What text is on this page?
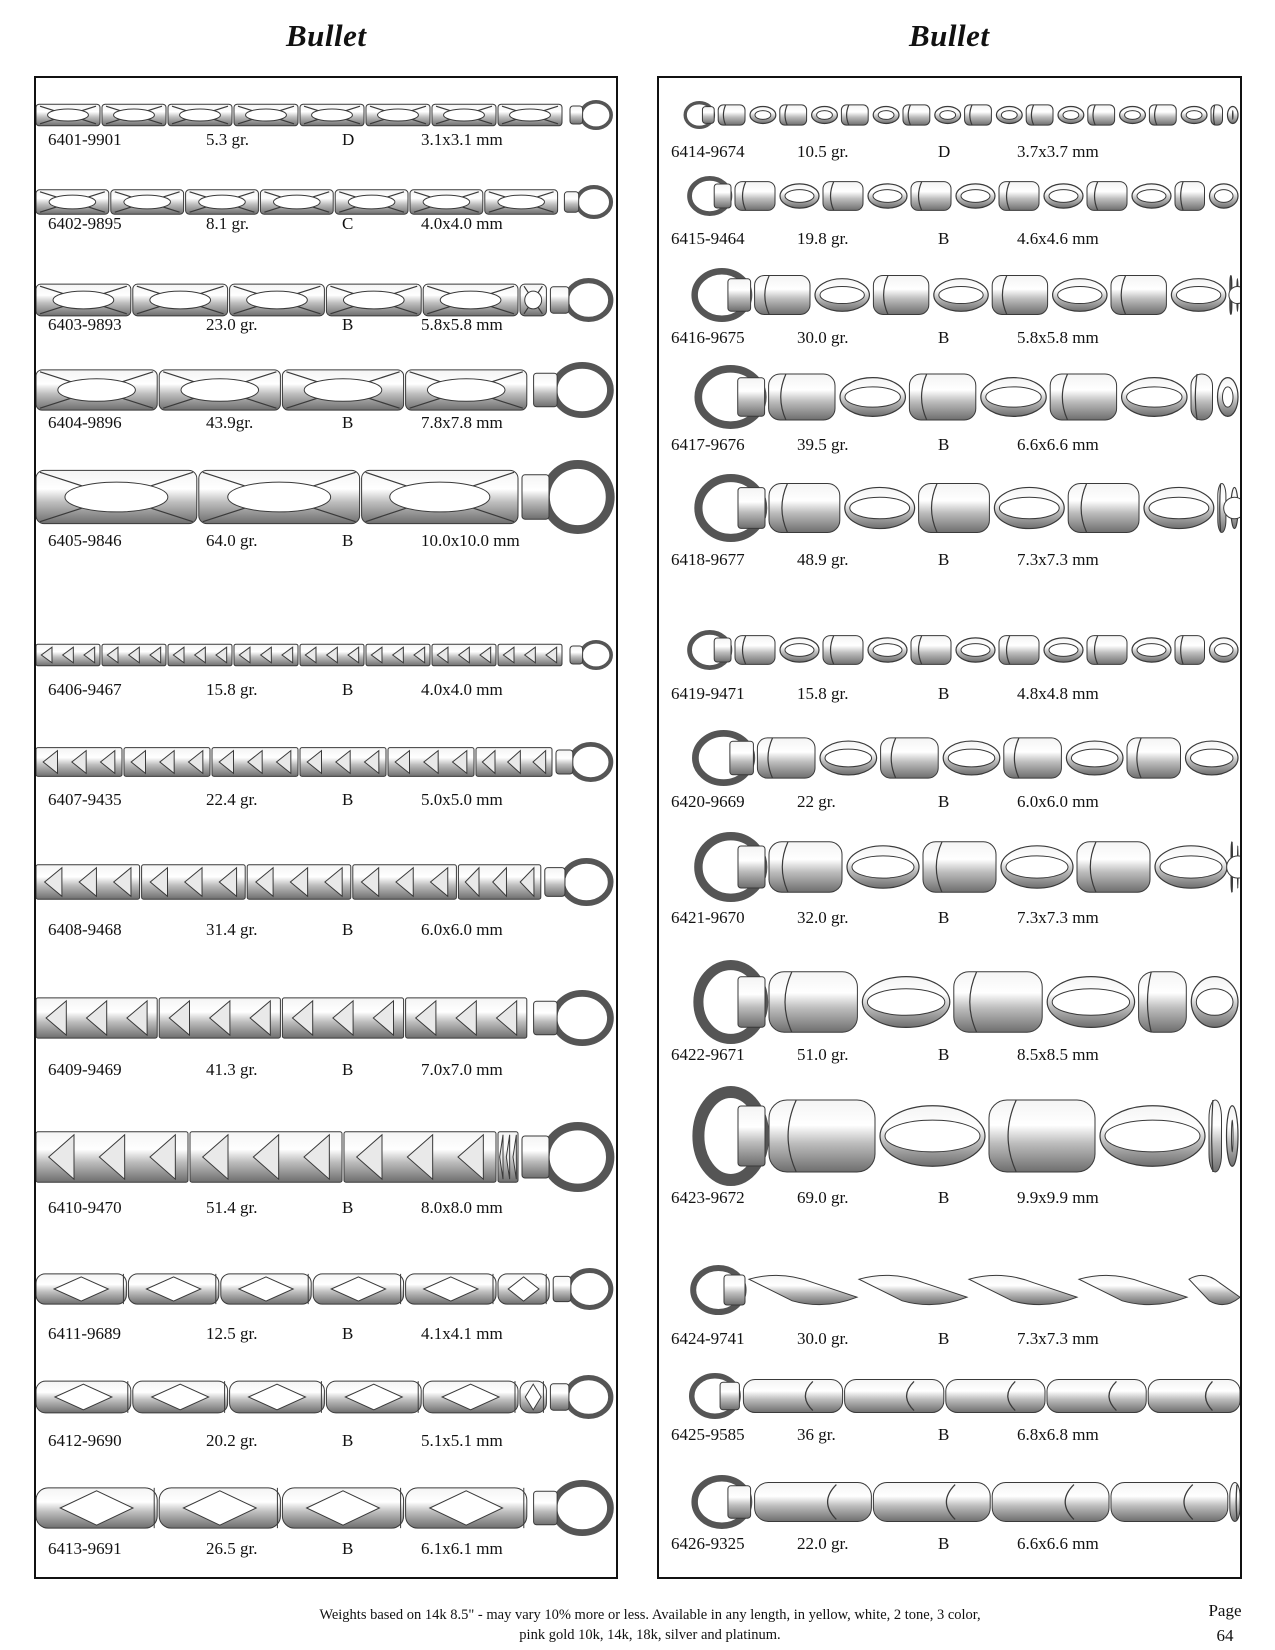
Bullet	Bullet
6401-9901	5.3 gr.	D	3.1x3.1 mm
6402-9895	8.1 gr.	C	4.0x4.0 mm
6403-9893	23.0 gr.	B	5.8x5.8 mm
6404-9896	43.9gr.	B	7.8x7.8 mm
6405-9846	64.0 gr.	B	10.0x10.0 mm
6406-9467	15.8 gr.	B	4.0x4.0 mm
6407-9435	22.4 gr.	B	5.0x5.0 mm
6408-9468	31.4 gr.	B	6.0x6.0 mm
6409-9469	41.3 gr.	B	7.0x7.0 mm
6410-9470	51.4 gr.	B	8.0x8.0 mm
6411-9689	12.5 gr.	B	4.1x4.1 mm
6412-9690	20.2 gr.	B	5.1x5.1 mm
6413-9691	26.5 gr.	B	6.1x6.1 mm
6414-9674	10.5 gr.	D	3.7x3.7 mm
6415-9464	19.8 gr.	B	4.6x4.6 mm
6416-9675	30.0 gr.	B	5.8x5.8 mm
6417-9676	39.5 gr.	B	6.6x6.6 mm
6418-9677	48.9 gr.	B	7.3x7.3 mm
6419-9471	15.8 gr.	B	4.8x4.8 mm
6420-9669	22 gr.	B	6.0x6.0 mm
6421-9670	32.0 gr.	B	7.3x7.3 mm
6422-9671	51.0 gr.	B	8.5x8.5 mm
6423-9672	69.0 gr.	B	9.9x9.9 mm
6424-9741	30.0 gr.	B	7.3x7.3 mm
6425-9585	36 gr.	B	6.8x6.8 mm
6426-9325	22.0 gr.	B	6.6x6.6 mm
Weights based on 14k 8.5" - may vary 10% more or less. Available in any length, in yellow, white, 2 tone, 3 color,
pink gold 10k, 14k, 18k, silver and platinum.
Page
64
